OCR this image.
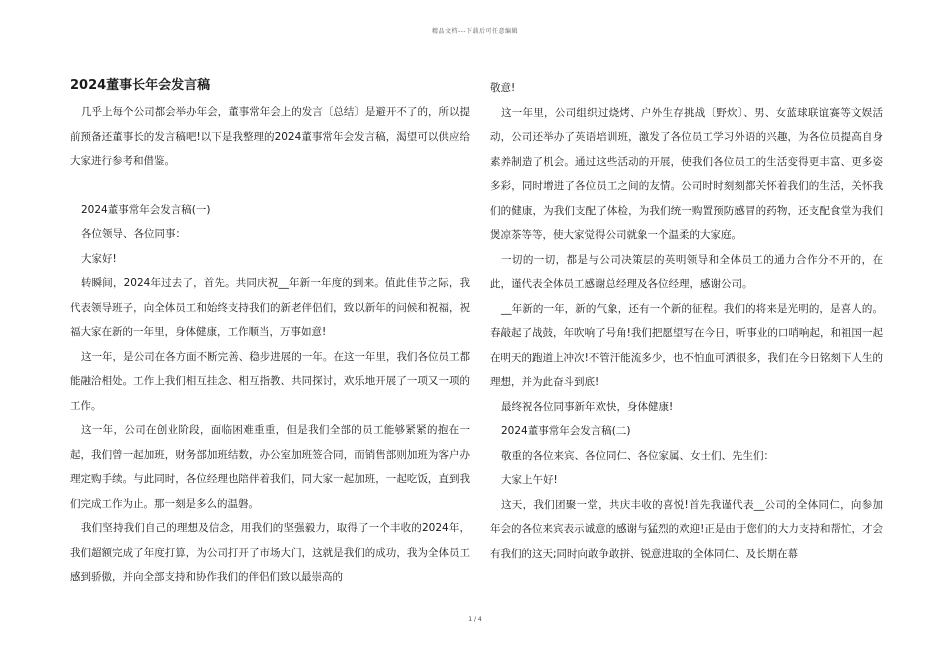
精品文档---下载后可任意编辑
2024董事长年会发言稿

几乎上每个公司都会举办年会，董事常年会上的发言〔总结〕是避开不了的，所以提前预备还董事长的发言稿吧!以下是我整理的2024董事常年会发言稿，渴望可以供应给大家进行参考和借鉴。

2024董事常年会发言稿(一)

各位领导、各位同事：

大家好!

转瞬间，2024年过去了，首先。共同庆祝__年新一年度的到来。值此佳节之际，我代表领导班子，向全体员工和始终支持我们的新老伴侣们，致以新年的问候和祝福，祝福大家在新的一年里，身体健康，工作顺当，万事如意!

这一年，是公司在各方面不断完善、稳步进展的一年。在这一年里，我们各位员工都能融洽相处。工作上我们相互挂念、相互指教、共同探讨，欢乐地开展了一项又一项的工作。

这一年，公司在创业阶段，面临困难重重，但是我们全部的员工能够紧紧的抱在一起，我们曾一起加班，财务部加班结数，办公室加班签合同，而销售部则加班为客户办理定购手续。与此同时，各位经理也陪伴着我们，同大家一起加班，一起吃饭，直到我们完成工作为止。那一刻是多么的温磐。

我们坚持我们自己的理想及信念，用我们的坚强毅力，取得了一个丰收的2024年，我们超额完成了年度打算，为公司打开了市场大门，这就是我们的成功，我为全体员工感到骄傲，并向全部支持和协作我们的伴侣们致以最崇高的

敬意!

这一年里，公司组织过烧烤、户外生存挑战〔野炊〕、男、女蓝球联谊赛等文娱活动，公司还举办了英语培训班，激发了各位员工学习外语的兴趣，为各位员提高自身素养制造了机会。通过这些活动的开展，使我们各位员工的生活变得更丰富、更多姿多彩，同时增进了各位员工之间的友情。公司时时刻刻都关怀着我们的生活，关怀我们的健康，为我们支配了体检，为我们统一购置预防感冒的药物，还支配食堂为我们煲凉茶等等，使大家觉得公司就象一个温柔的大家庭。

一切的一切，都是与公司决策层的英明领导和全体员工的通力合作分不开的，在此，谨代表全体员工感谢总经理及各位经理，感谢公司。

__年新的一年，新的气象，还有一个新的征程。我们的将来是光明的，是喜人的。春敲起了战鼓，年吹响了号角!我们把愿望写在今日，听事业的口哨响起，和祖国一起在明天的跑道上冲次!不管汗能流多少，也不怕血可洒很多，我们在今日铭刻下人生的理想，并为此奋斗到底!

最终祝各位同事新年欢快，身体健康!

2024董事常年会发言稿(二)

敬重的各位来宾、各位同仁、各位家属、女士们、先生们：

大家上午好!

这天，我们团聚一堂，共庆丰收的喜悦!首先我谨代表__公司的全体同仁，向参加年会的各位来宾表示诚意的感谢与猛烈的欢迎!正是由于您们的大力支持和帮忙，才会有我们的这天;同时向敢争敢拼、锐意进取的全体同仁、及长期在幕

1 / 4
